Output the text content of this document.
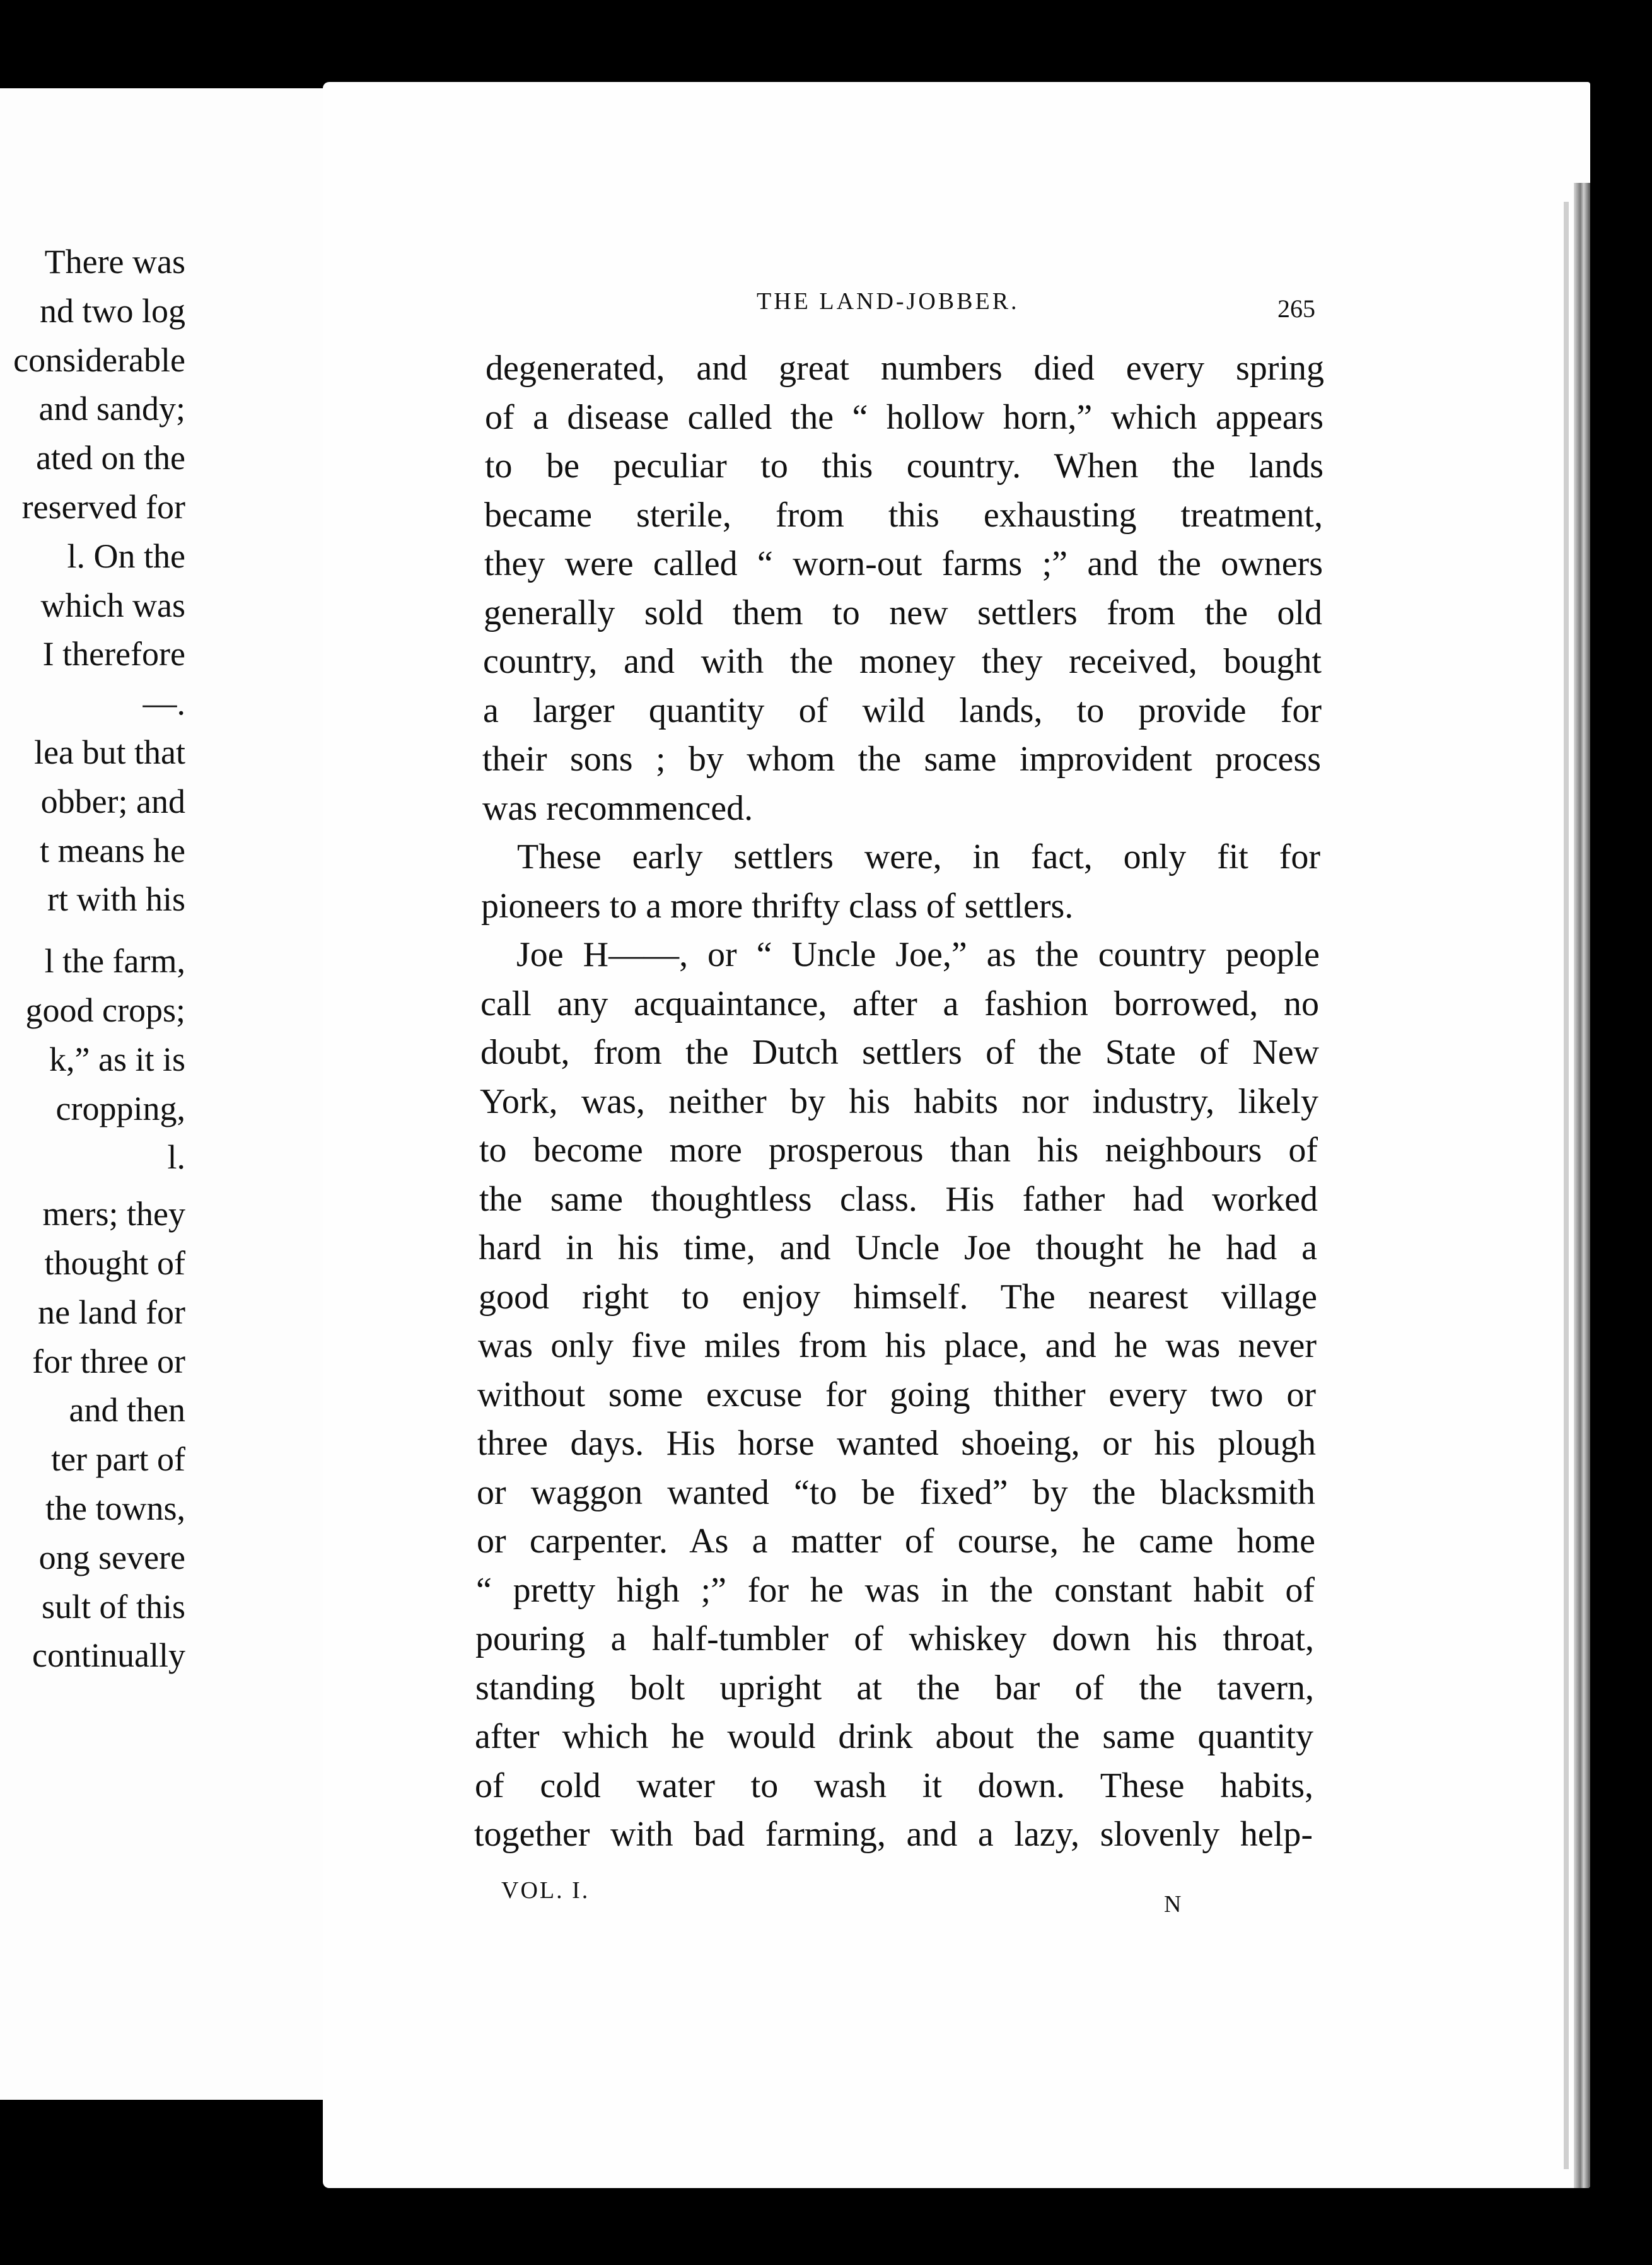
There was
nd two log
considerable
and sandy;
ated on the
reserved for
l. On the
which was
I therefore
—.
lea but that
obber; and
t means he
rt with his
l the farm,
good crops;
k,” as it is
cropping,
l.
mers; they
thought of
ne land for
for three or
and then
ter part of
the towns,
ong severe
sult of this
continually
THE LAND-JOBBER.	265
degenerated, and great numbers died every spring
of a disease called the “ hollow horn,” which appears
to be peculiar to this country. When the lands
became sterile, from this exhausting treatment,
they were called “ worn-out farms ;” and the owners
generally sold them to new settlers from the old
country, and with the money they received, bought
a larger quantity of wild lands, to provide for
their sons ; by whom the same improvident process
was recommenced.
These early settlers were, in fact, only fit for
pioneers to a more thrifty class of settlers.
Joe H——, or “ Uncle Joe,” as the country people
call any acquaintance, after a fashion borrowed, no
doubt, from the Dutch settlers of the State of New
York, was, neither by his habits nor industry, likely
to become more prosperous than his neighbours of
the same thoughtless class. His father had worked
hard in his time, and Uncle Joe thought he had a
good right to enjoy himself. The nearest village
was only five miles from his place, and he was never
without some excuse for going thither every two or
three days. His horse wanted shoeing, or his plough
or waggon wanted “to be fixed” by the blacksmith
or carpenter. As a matter of course, he came home
“ pretty high ;” for he was in the constant habit of
pouring a half-tumbler of whiskey down his throat,
standing bolt upright at the bar of the tavern,
after which he would drink about the same quantity
of cold water to wash it down. These habits,
together with bad farming, and a lazy, slovenly help-
VOL. I.
N
